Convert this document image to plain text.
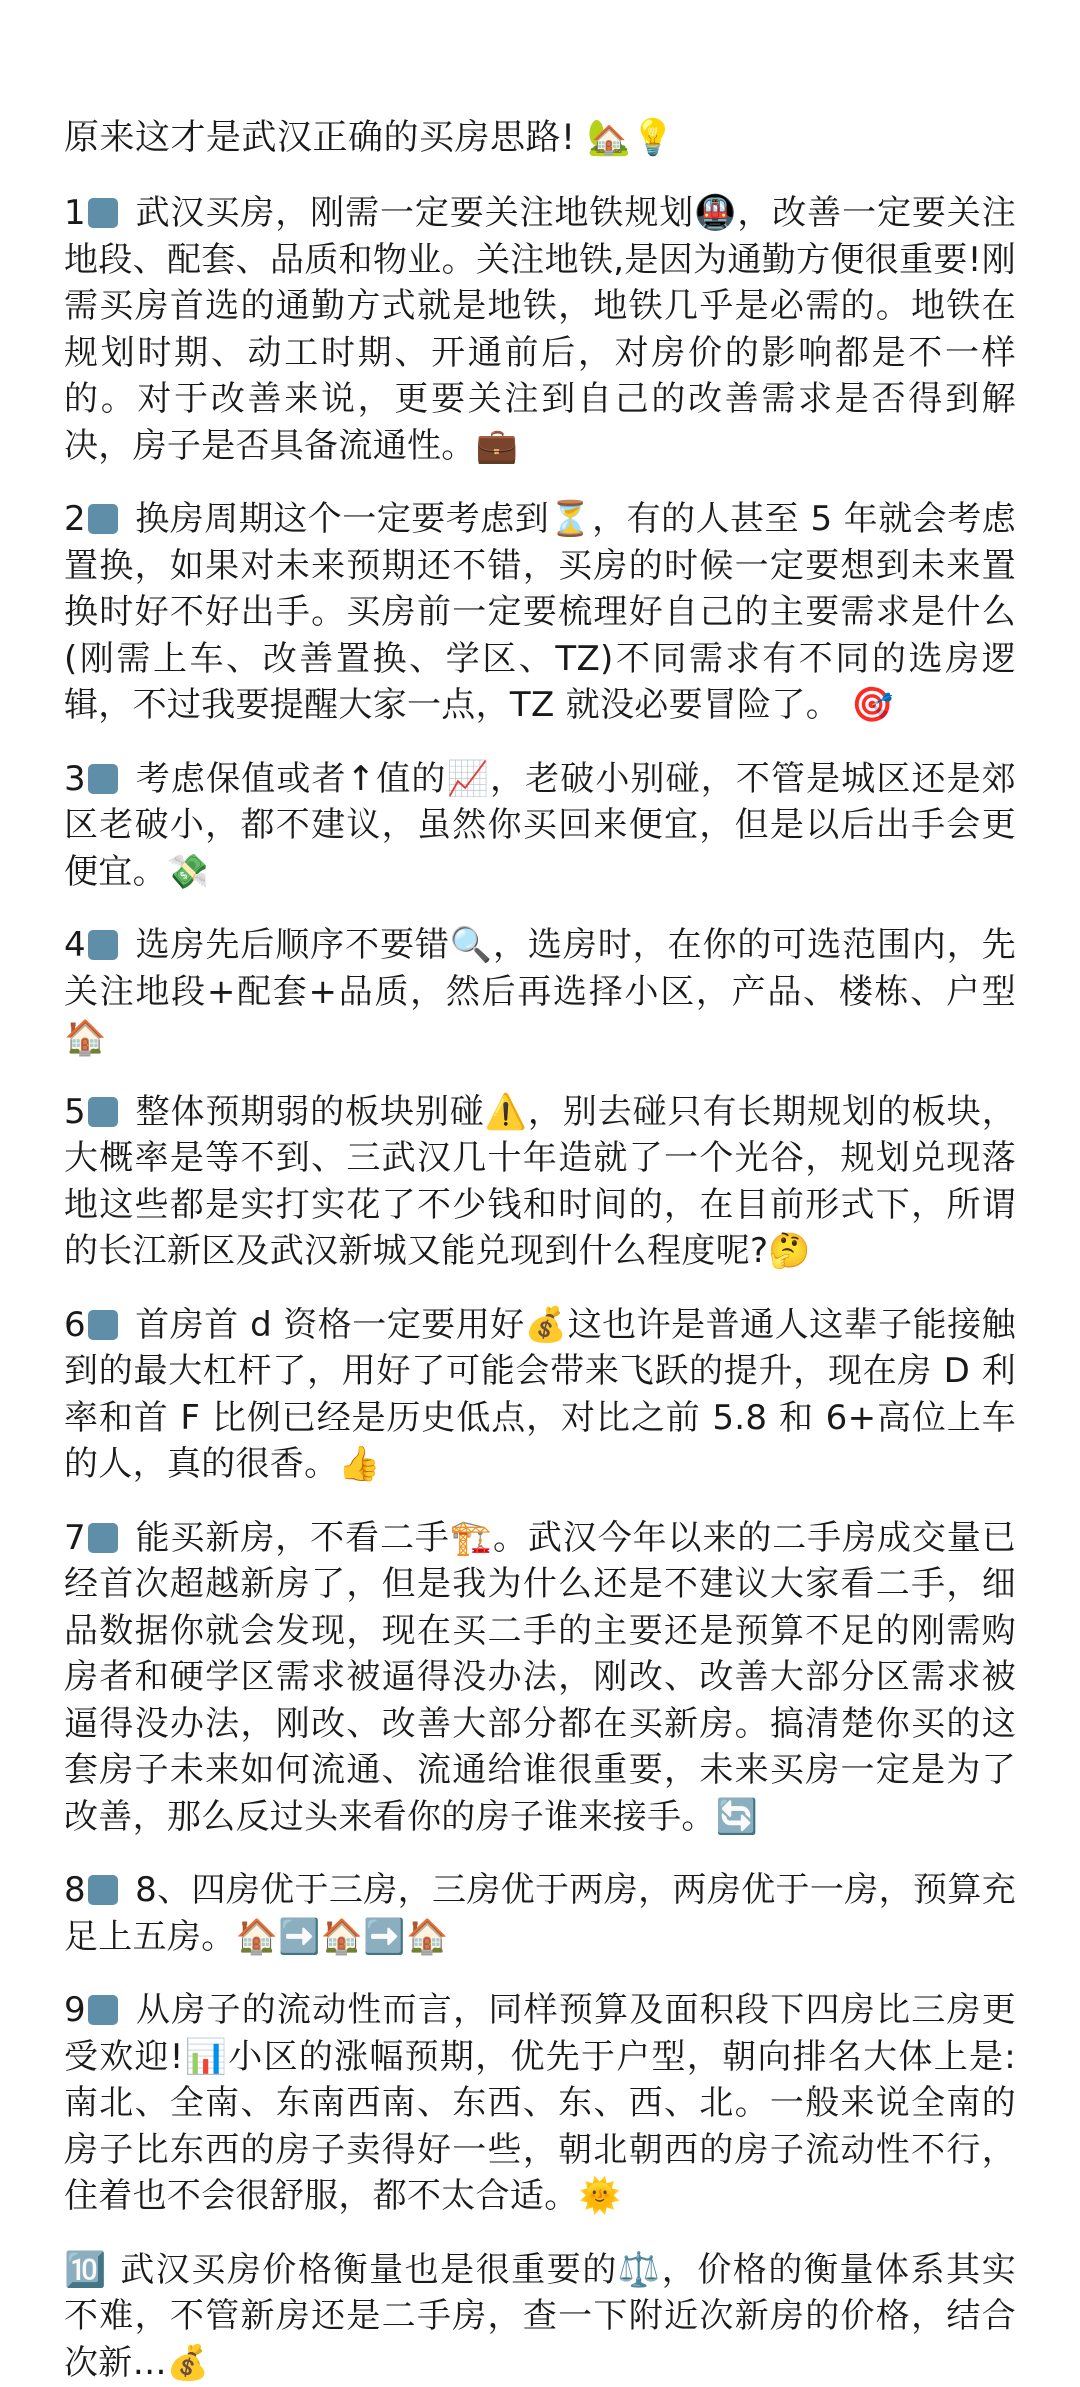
原来这才是武汉正确的买房思路! 🏡💡
1 武汉买房，刚需一定要关注地铁规划🚇，改善一定要关注地段、配套、品质和物业。关注地铁,是因为通勤方便很重要!刚需买房首选的通勤方式就是地铁，地铁几乎是必需的。地铁在规划时期、动工时期、开通前后，对房价的影响都是不一样的。对于改善来说，更要关注到自己的改善需求是否得到解决，房子是否具备流通性。💼
2 换房周期这个一定要考虑到⏳，有的人甚至 5 年就会考虑置换，如果对未来预期还不错，买房的时候一定要想到未来置换时好不好出手。买房前一定要梳理好自己的主要需求是什么(刚需上车、改善置换、学区、TZ)不同需求有不同的选房逻辑，不过我要提醒大家一点，TZ 就没必要冒险了。 🎯
3 考虑保值或者↑值的📈，老破小别碰，不管是城区还是郊区老破小，都不建议，虽然你买回来便宜，但是以后出手会更便宜。💸
4 选房先后顺序不要错🔍，选房时，在你的可选范围内，先关注地段+配套+品质，然后再选择小区，产品、楼栋、户型🏠
5 整体预期弱的板块别碰⚠️，别去碰只有长期规划的板块，大概率是等不到、三武汉几十年造就了一个光谷，规划兑现落地这些都是实打实花了不少钱和时间的，在目前形式下，所谓的长江新区及武汉新城又能兑现到什么程度呢?🤔
6 首房首 d 资格一定要用好💰这也许是普通人这辈子能接触到的最大杠杆了，用好了可能会带来飞跃的提升，现在房 D 利率和首 F 比例已经是历史低点，对比之前 5.8 和 6+高位上车的人，真的很香。👍
7 能买新房，不看二手🏗️。武汉今年以来的二手房成交量已经首次超越新房了，但是我为什么还是不建议大家看二手，细品数据你就会发现，现在买二手的主要还是预算不足的刚需购房者和硬学区需求被逼得没办法，刚改、改善大部分区需求被逼得没办法，刚改、改善大部分都在买新房。搞清楚你买的这套房子未来如何流通、流通给谁很重要，未来买房一定是为了改善，那么反过头来看你的房子谁来接手。🔄
8 8、四房优于三房，三房优于两房，两房优于一房，预算充足上五房。🏠➡️🏠➡️🏠
9 从房子的流动性而言，同样预算及面积段下四房比三房更受欢迎!📊小区的涨幅预期，优先于户型，朝向排名大体上是:南北、全南、东南西南、东西、东、西、北。一般来说全南的房子比东西的房子卖得好一些，朝北朝西的房子流动性不行，住着也不会很舒服，都不太合适。🌞
🔟 武汉买房价格衡量也是很重要的⚖️，价格的衡量体系其实不难，不管新房还是二手房，查一下附近次新房的价格，结合次新…💰
